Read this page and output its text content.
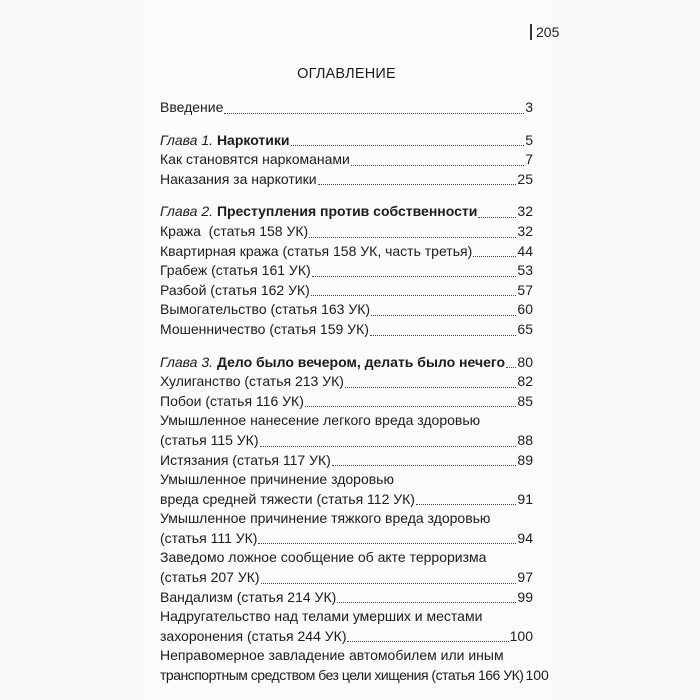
205
ОГЛАВЛЕНИЕ
Введение	3
Глава 1. Наркотики	5
Как становятся наркоманами	7
Наказания за наркотики	25
Глава 2. Преступления против собственности	32
Кража  (статья 158 УК)	32
Квартирная кража (статья 158 УК, часть третья)	44
Грабеж (статья 161 УК)	53
Разбой (статья 162 УК)	57
Вымогательство (статья 163 УК)	60
Мошенничество (статья 159 УК)	65
Глава 3. Дело было вечером, делать было нечего 80
Хулиганство (статья 213 УК)	82
Побои (статья 116 УК)	85
Умышленное нанесение легкого вреда здоровью
(статья 115 УК)	88
Истязания (статья 117 УК)	89
Умышленное причинение здоровью
вреда средней тяжести (статья 112 УК)	91
Умышленное причинение тяжкого вреда здоровью
(статья 111 УК)	94
Заведомо ложное сообщение об акте терроризма
(статья 207 УК)	97
Вандализм (статья 214 УК)	99
Надругательство над телами умерших и местами
захоронения (статья 244 УК)	100
Неправомерное завладение автомобилем или иным
транспортным средством без цели хищения (статья 166 УК) 100
